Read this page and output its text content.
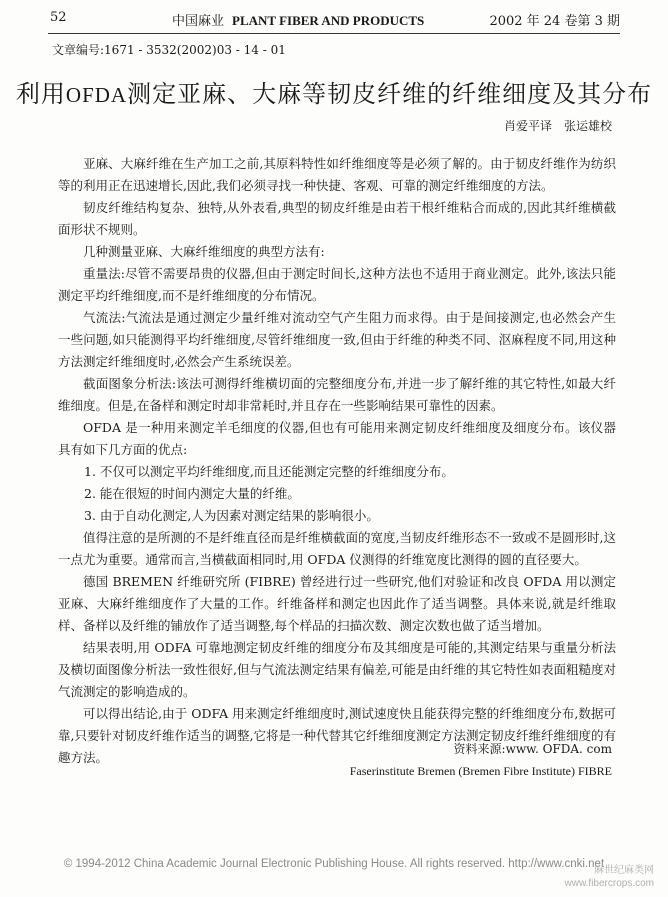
52	中国麻业 PLANT FIBER AND PRODUCTS	2002 年 24 卷第 3 期
文章编号:1671 - 3532(2002)03 - 14 - 01
利用OFDA测定亚麻、大麻等韧皮纤维的纤维细度及其分布
肖爱平译　张运雄校

亚麻、大麻纤维在生产加工之前,其原料特性如纤维细度等是必须了解的。由于韧皮纤维作为纺织等的利用正在迅速增长,因此,我们必须寻找一种快捷、客观、可靠的测定纤维细度的方法。

韧皮纤维结构复杂、独特,从外表看,典型的韧皮纤维是由若干根纤维粘合而成的,因此其纤维横截面形状不规则。

几种测量亚麻、大麻纤维细度的典型方法有:

重量法:尽管不需要昂贵的仪器,但由于测定时间长,这种方法也不适用于商业测定。此外,该法只能测定平均纤维细度,而不是纤维细度的分布情况。

气流法:气流法是通过测定少量纤维对流动空气产生阻力而求得。由于是间接测定,也必然会产生一些问题,如只能测得平均纤维细度,尽管纤维细度一致,但由于纤维的种类不同、沤麻程度不同,用这种方法测定纤维细度时,必然会产生系统误差。

截面图象分析法:该法可测得纤维横切面的完整细度分布,并进一步了解纤维的其它特性,如最大纤维细度。但是,在备样和测定时却非常耗时,并且存在一些影响结果可靠性的因素。

OFDA 是一种用来测定羊毛细度的仪器,但也有可能用来测定韧皮纤维细度及细度分布。该仪器具有如下几方面的优点:

1. 不仅可以测定平均纤维细度,而且还能测定完整的纤维细度分布。

2. 能在很短的时间内测定大量的纤维。

3. 由于自动化测定,人为因素对测定结果的影响很小。

值得注意的是所测的不是纤维直径而是纤维横截面的宽度,当韧皮纤维形态不一致或不是圆形时,这一点尤为重要。通常而言,当横截面相同时,用 OFDA 仪测得的纤维宽度比测得的圆的直径要大。

德国 BREMEN 纤维研究所 (FIBRE) 曾经进行过一些研究,他们对验证和改良 OFDA 用以测定亚麻、大麻纤维细度作了大量的工作。纤维备样和测定也因此作了适当调整。具体来说,就是纤维取样、备样以及纤维的铺放作了适当调整,每个样品的扫描次数、测定次数也做了适当增加。

结果表明,用 ODFA 可靠地测定韧皮纤维的细度分布及其细度是可能的,其测定结果与重量分析法及横切面图像分析法一致性很好,但与气流法测定结果有偏差,可能是由纤维的其它特性如表面粗糙度对气流测定的影响造成的。

可以得出结论,由于 ODFA 用来测定纤维细度时,测试速度快且能获得完整的纤维细度分布,数据可靠,只要针对韧皮纤维作适当的调整,它将是一种代替其它纤维细度测定方法测定韧皮纤维纤维细度的有趣方法。

资料来源:www. OFDA. com
Faserinstitute Bremen (Bremen Fibre Institute) FIBRE
© 1994-2012 China Academic Journal Electronic Publishing House. All rights reserved. http://www.cnki.net
麻世纪麻类网
www.fibercrops.com
